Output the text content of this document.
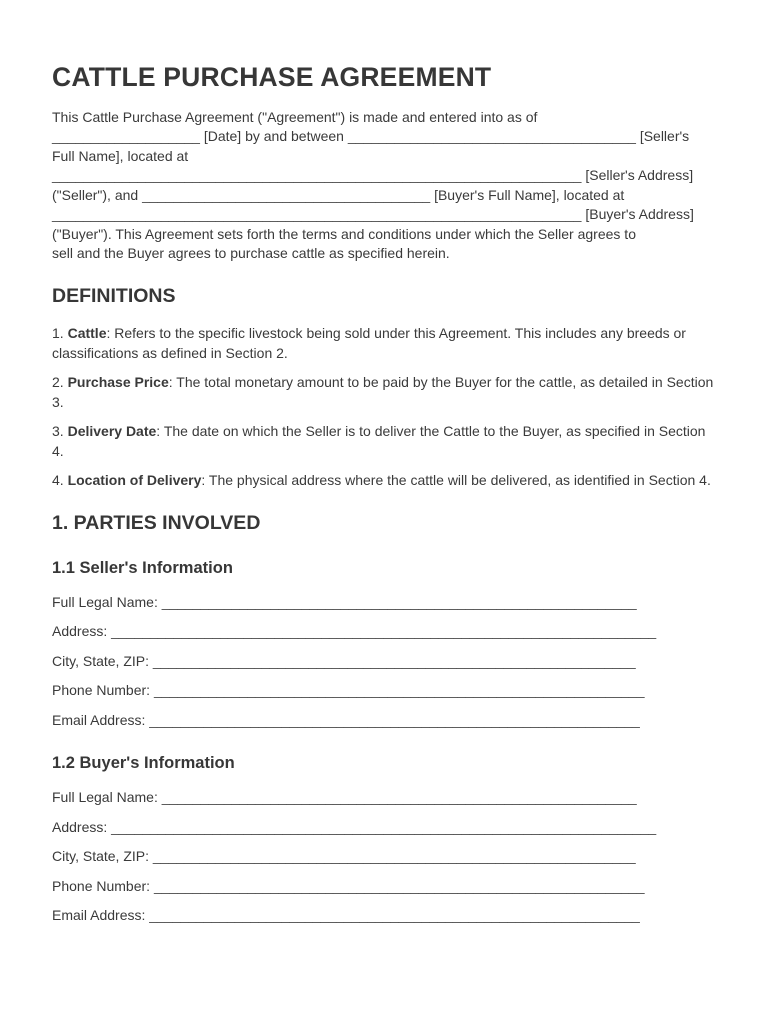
CATTLE PURCHASE AGREEMENT
This Cattle Purchase Agreement ("Agreement") is made and entered into as of
___________________ [Date] by and between _____________________________________ [Seller's
Full Name], located at
____________________________________________________________________ [Seller's Address]
("Seller"), and _____________________________________ [Buyer's Full Name], located at
____________________________________________________________________ [Buyer's Address]
("Buyer"). This Agreement sets forth the terms and conditions under which the Seller agrees to
sell and the Buyer agrees to purchase cattle as specified herein.
DEFINITIONS

1. Cattle: Refers to the specific livestock being sold under this Agreement. This includes any breeds or classifications as defined in Section 2.

2. Purchase Price: The total monetary amount to be paid by the Buyer for the cattle, as detailed in Section 3.

3. Delivery Date: The date on which the Seller is to deliver the Cattle to the Buyer, as specified in Section 4.

4. Location of Delivery: The physical address where the cattle will be delivered, as identified in Section 4.

1. PARTIES INVOLVED
1.1 Seller's Information
Full Legal Name: _____________________________________________________________
Address: ______________________________________________________________________
City, State, ZIP: ______________________________________________________________
Phone Number: _______________________________________________________________
Email Address: _______________________________________________________________
1.2 Buyer's Information
Full Legal Name: _____________________________________________________________
Address: ______________________________________________________________________
City, State, ZIP: ______________________________________________________________
Phone Number: _______________________________________________________________
Email Address: _______________________________________________________________
